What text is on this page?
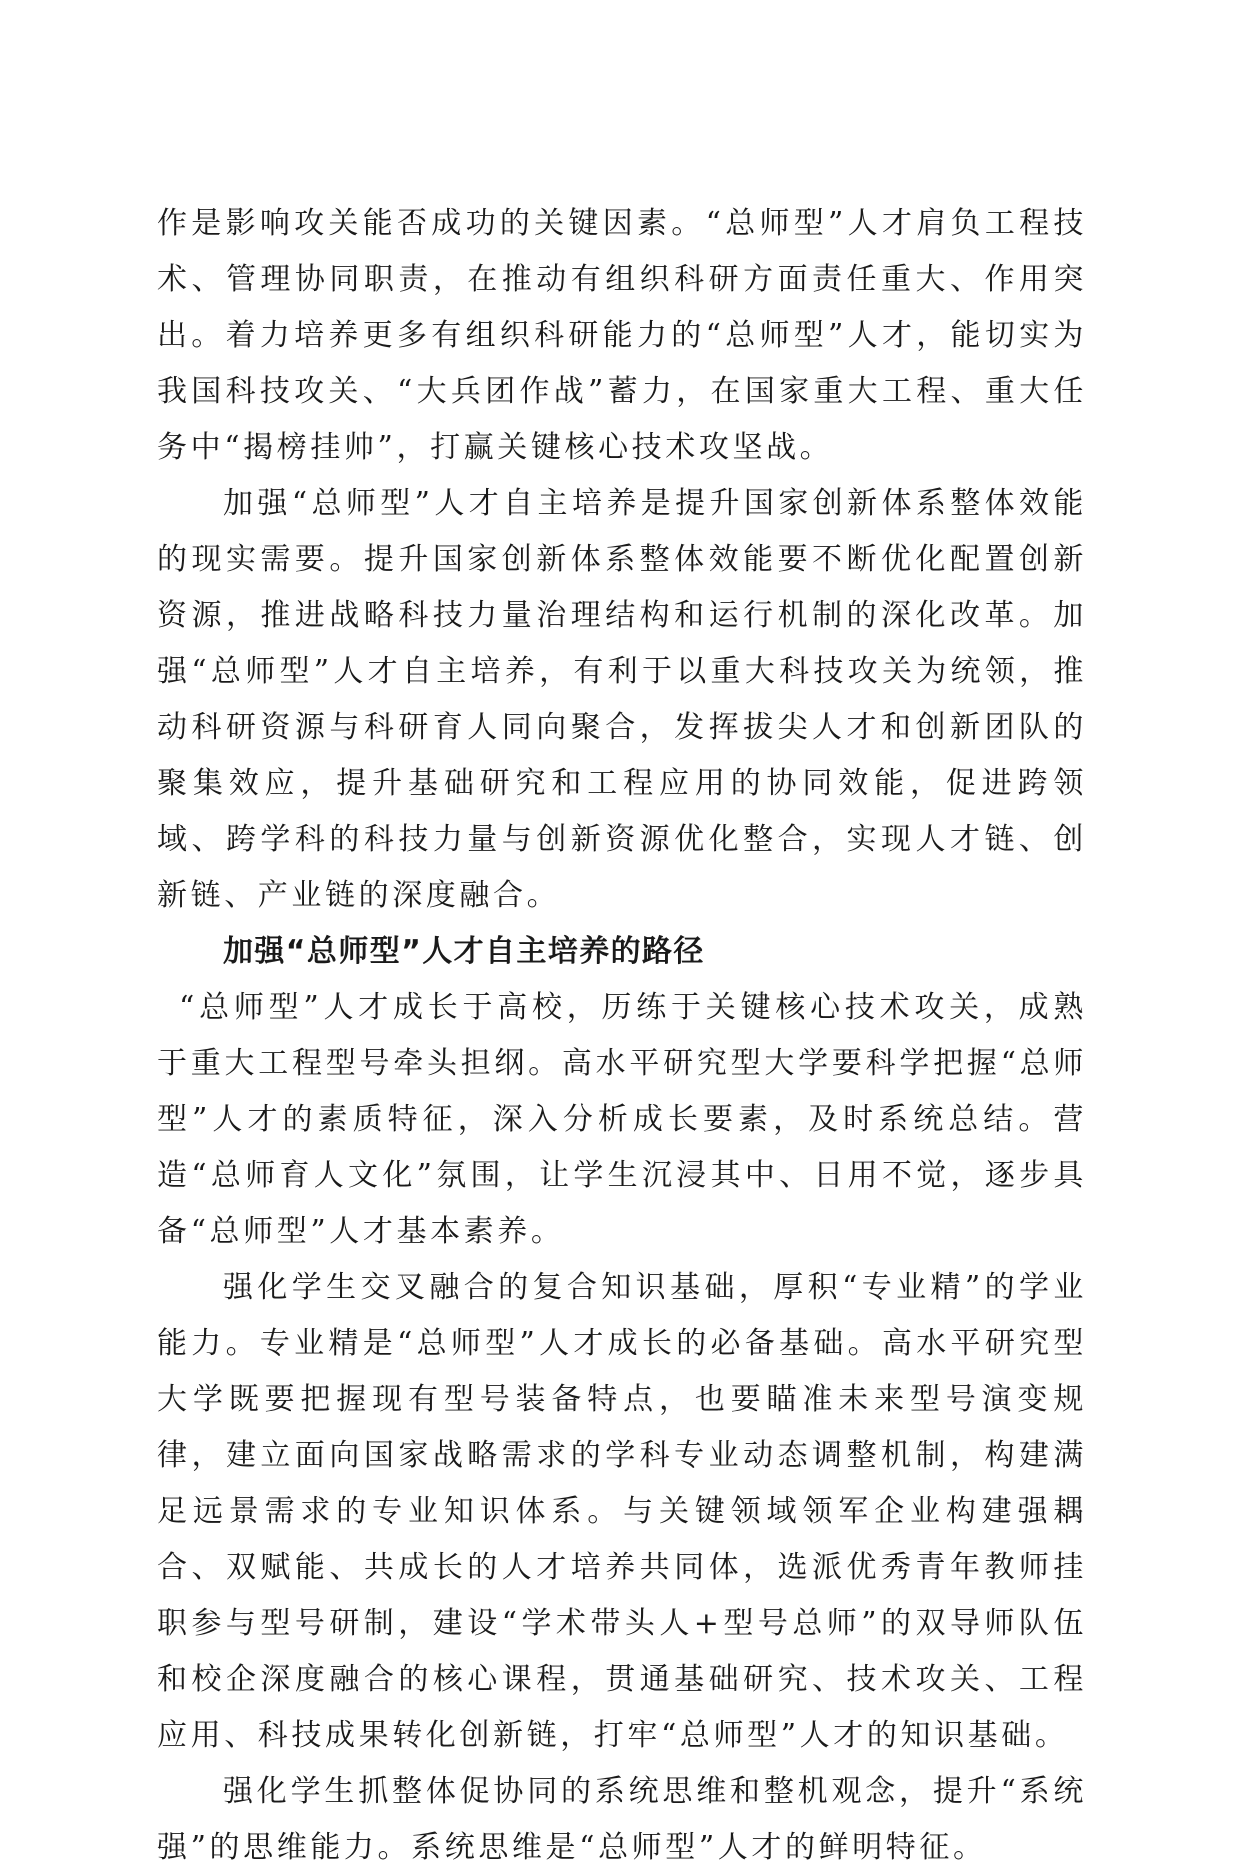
作是影响攻关能否成功的关键因素。“总师型”人才肩负工程技术、管理协同职责，在推动有组织科研方面责任重大、作用突出。着力培养更多有组织科研能力的“总师型”人才，能切实为我国科技攻关、“大兵团作战”蓄力，在国家重大工程、重大任务中“揭榜挂帅”，打赢关键核心技术攻坚战。

加强“总师型”人才自主培养是提升国家创新体系整体效能的现实需要。提升国家创新体系整体效能要不断优化配置创新资源，推进战略科技力量治理结构和运行机制的深化改革。加强“总师型”人才自主培养，有利于以重大科技攻关为统领，推动科研资源与科研育人同向聚合，发挥拔尖人才和创新团队的聚集效应，提升基础研究和工程应用的协同效能，促进跨领域、跨学科的科技力量与创新资源优化整合，实现人才链、创新链、产业链的深度融合。

加强“总师型”人才自主培养的路径

“总师型”人才成长于高校，历练于关键核心技术攻关，成熟于重大工程型号牵头担纲。高水平研究型大学要科学把握“总师型”人才的素质特征，深入分析成长要素，及时系统总结。营造“总师育人文化”氛围，让学生沉浸其中、日用不觉，逐步具备“总师型”人才基本素养。

强化学生交叉融合的复合知识基础，厚积“专业精”的学业能力。专业精是“总师型”人才成长的必备基础。高水平研究型大学既要把握现有型号装备特点，也要瞄准未来型号演变规律，建立面向国家战略需求的学科专业动态调整机制，构建满足远景需求的专业知识体系。与关键领域领军企业构建强耦合、双赋能、共成长的人才培养共同体，选派优秀青年教师挂职参与型号研制，建设“学术带头人+型号总师”的双导师队伍和校企深度融合的核心课程，贯通基础研究、技术攻关、工程应用、科技成果转化创新链，打牢“总师型”人才的知识基础。

强化学生抓整体促协同的系统思维和整机观念，提升“系统强”的思维能力。系统思维是“总师型”人才的鲜明特征。
